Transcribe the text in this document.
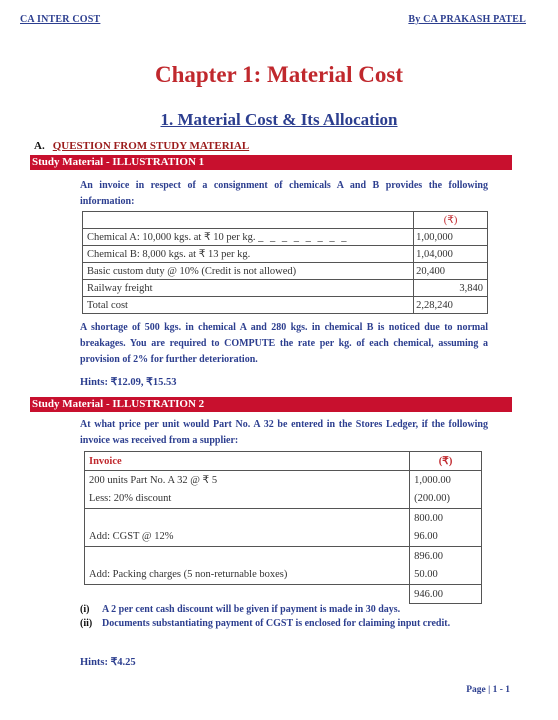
CA INTER COST	By CA PRAKASH PATEL
Chapter 1: Material Cost
1. Material Cost & Its Allocation
A. QUESTION FROM STUDY MATERIAL
Study Material - ILLUSTRATION 1
An invoice in respect of a consignment of chemicals A and B provides the following information:
	(₹)
Chemical A: 10,000 kgs. at ₹ 10 per kg. _ _ _ _ _ _ _ _	1,00,000
Chemical B: 8,000 kgs. at ₹ 13 per kg.	1,04,000
Basic custom duty @ 10% (Credit is not allowed)	20,400
Railway freight	3,840
Total cost	2,28,240
A shortage of 500 kgs. in chemical A and 280 kgs. in chemical B is noticed due to normal breakages. You are required to COMPUTE the rate per kg. of each chemical, assuming a provision of 2% for further deterioration.
Hints: ₹12.09, ₹15.53
Study Material - ILLUSTRATION 2
At what price per unit would Part No. A 32 be entered in the Stores Ledger, if the following invoice was received from a supplier:
Invoice	(₹)
200 units Part No. A 32 @ ₹ 5	1,000.00
Less: 20% discount	(200.00)
	800.00
Add: CGST @ 12%	96.00
	896.00
Add: Packing charges (5 non-returnable boxes)	50.00
	946.00
(i)	A 2 per cent cash discount will be given if payment is made in 30 days.
(ii) Documents substantiating payment of CGST is enclosed for claiming input credit.
Hints: ₹4.25
Page | 1 - 1
